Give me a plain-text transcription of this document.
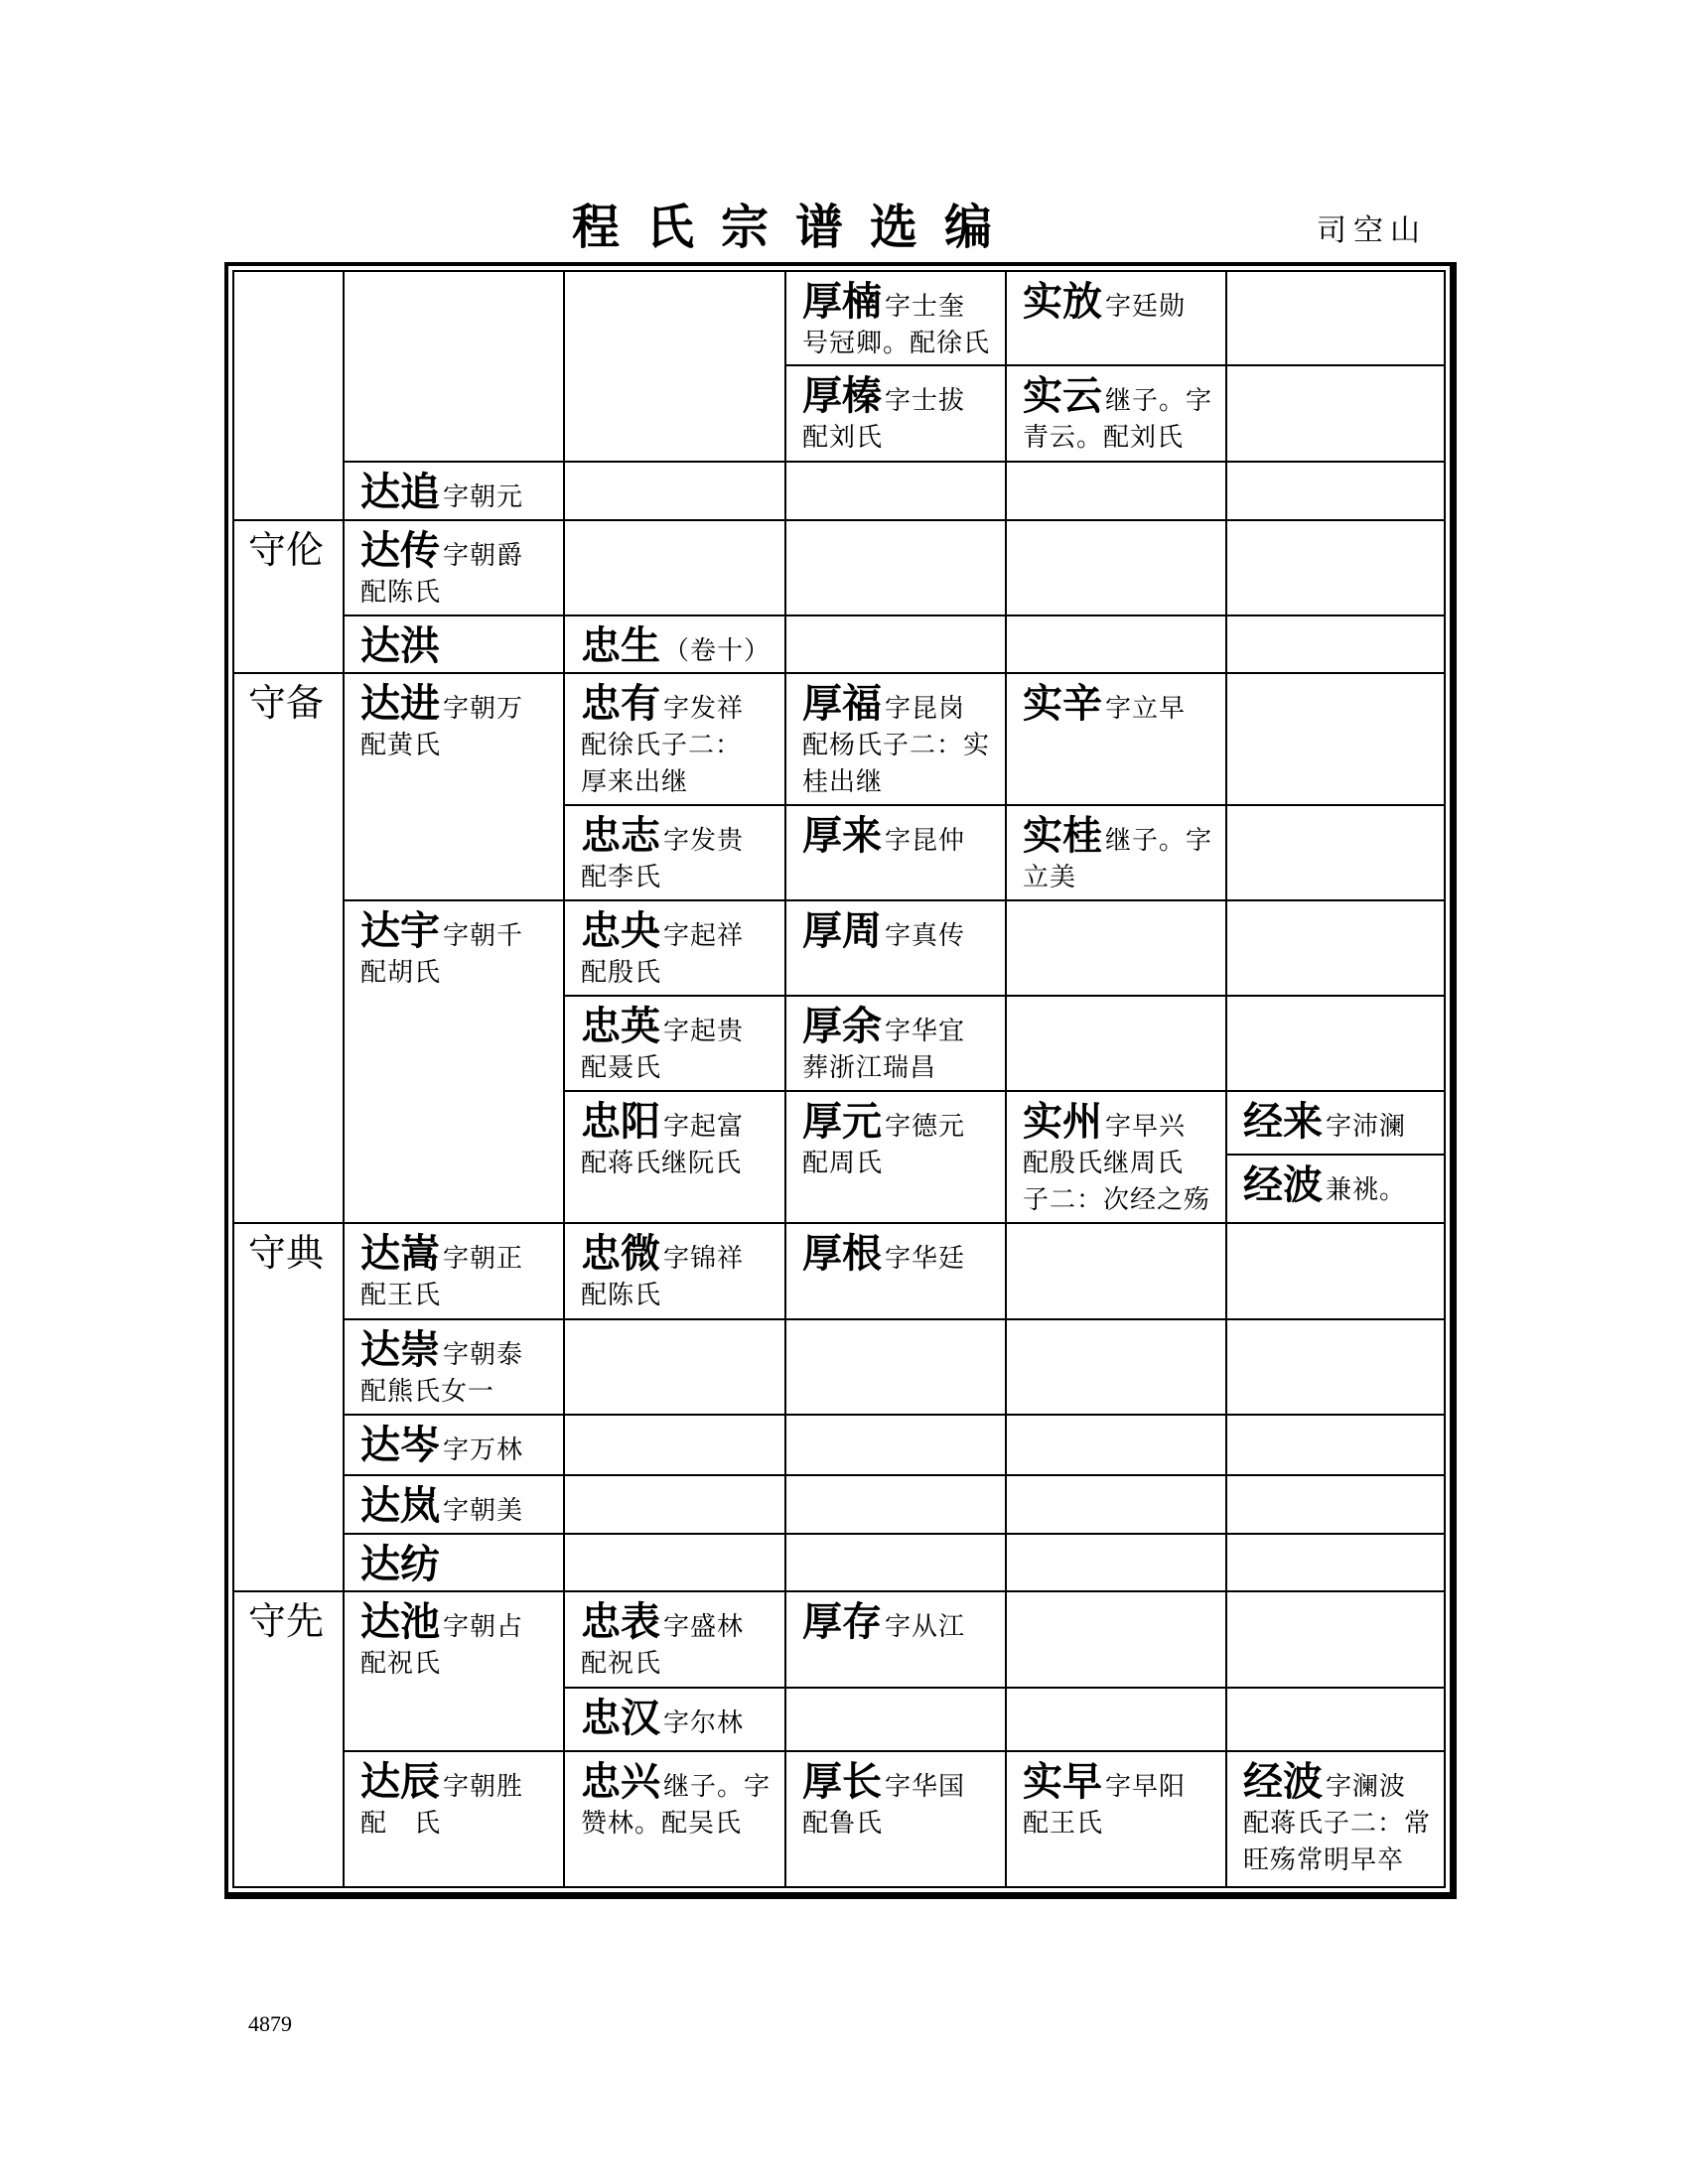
程氏宗谱选编	司空山
守伦
守备
守典
守先
达追 字朝元
达传 字朝爵
配陈氏
达洪
达进 字朝万
配黄氏
达宇 字朝千
配胡氏
达嵩 字朝正
配王氏
达崇 字朝泰
配熊氏女一
达岑 字万林
达岚 字朝美
达纺
达池 字朝占
配祝氏
达辰 字朝胜
配　氏
忠生 （卷十）
忠有 字发祥
配徐氏子二：
厚来出继
忠志 字发贵
配李氏
忠央 字起祥
配殷氏
忠英 字起贵
配聂氏
忠阳 字起富
配蒋氏继阮氏
忠微 字锦祥
配陈氏
忠表 字盛林
配祝氏
忠汉 字尔林
忠兴 继子。字
赞林。配吴氏
厚楠 字士奎
号冠卿。配徐氏
厚榛 字士拔
配刘氏
厚福 字昆岗
配杨氏子二：实
桂出继
厚来 字昆仲
厚周 字真传
厚余 字华宜
葬浙江瑞昌
厚元 字德元
配周氏
厚根 字华廷
厚存 字从江
厚长 字华国
配鲁氏
实放 字廷勋
实云 继子。字
青云。配刘氏
实辛 字立早
实桂 继子。字
立美
实州 字早兴
配殷氏继周氏
子二：次经之殇
实早 字早阳
配王氏
经来 字沛澜
经波 兼祧。
经波 字澜波
配蒋氏子二：常
旺殇常明早卒
4879
